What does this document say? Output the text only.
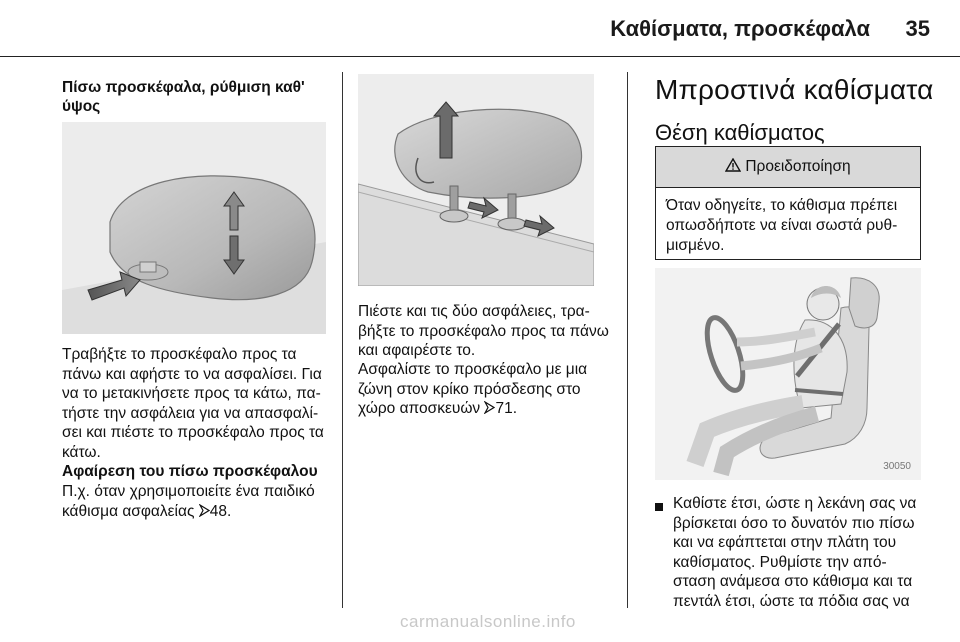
Καθίσματα, προσκέφαλα 35
Πίσω προσκέφαλα, ρύθμιση καθ' ύψος

Τραβήξτε το προσκέφαλο προς τα πάνω και αφήστε το να ασφαλίσει. Για να το μετακινήσετε προς τα κάτω, πα-τήστε την ασφάλεια για να απασφαλί-σει και πιέστε το προσκέφαλο προς τα κάτω.

Αφαίρεση του πίσω προσκέφαλου

Π.χ. όταν χρησιμοποιείτε ένα παιδικό κάθισμα ασφαλείας 48.

Πιέστε και τις δύο ασφάλειες, τρα-βήξτε το προσκέφαλο προς τα πάνω και αφαιρέστε το.

Ασφαλίστε το προσκέφαλο με μια ζώνη στον κρίκο πρόσδεσης στο χώρο αποσκευών 71.

Μπροστινά καθίσματα
Θέση καθίσματος
Προειδοποίηση
Όταν οδηγείτε, το κάθισμα πρέπει οπωσδήποτε να είναι σωστά ρυθ-μισμένο.
30050

Καθίστε έτσι, ώστε η λεκάνη σας να βρίσκεται όσο το δυνατόν πιο πίσω και να εφάπτεται στην πλάτη του καθίσματος. Ρυθμίστε την από-σταση ανάμεσα στο κάθισμα και τα πεντάλ έτσι, ώστε τα πόδια σας να

carmanualsonline.info
